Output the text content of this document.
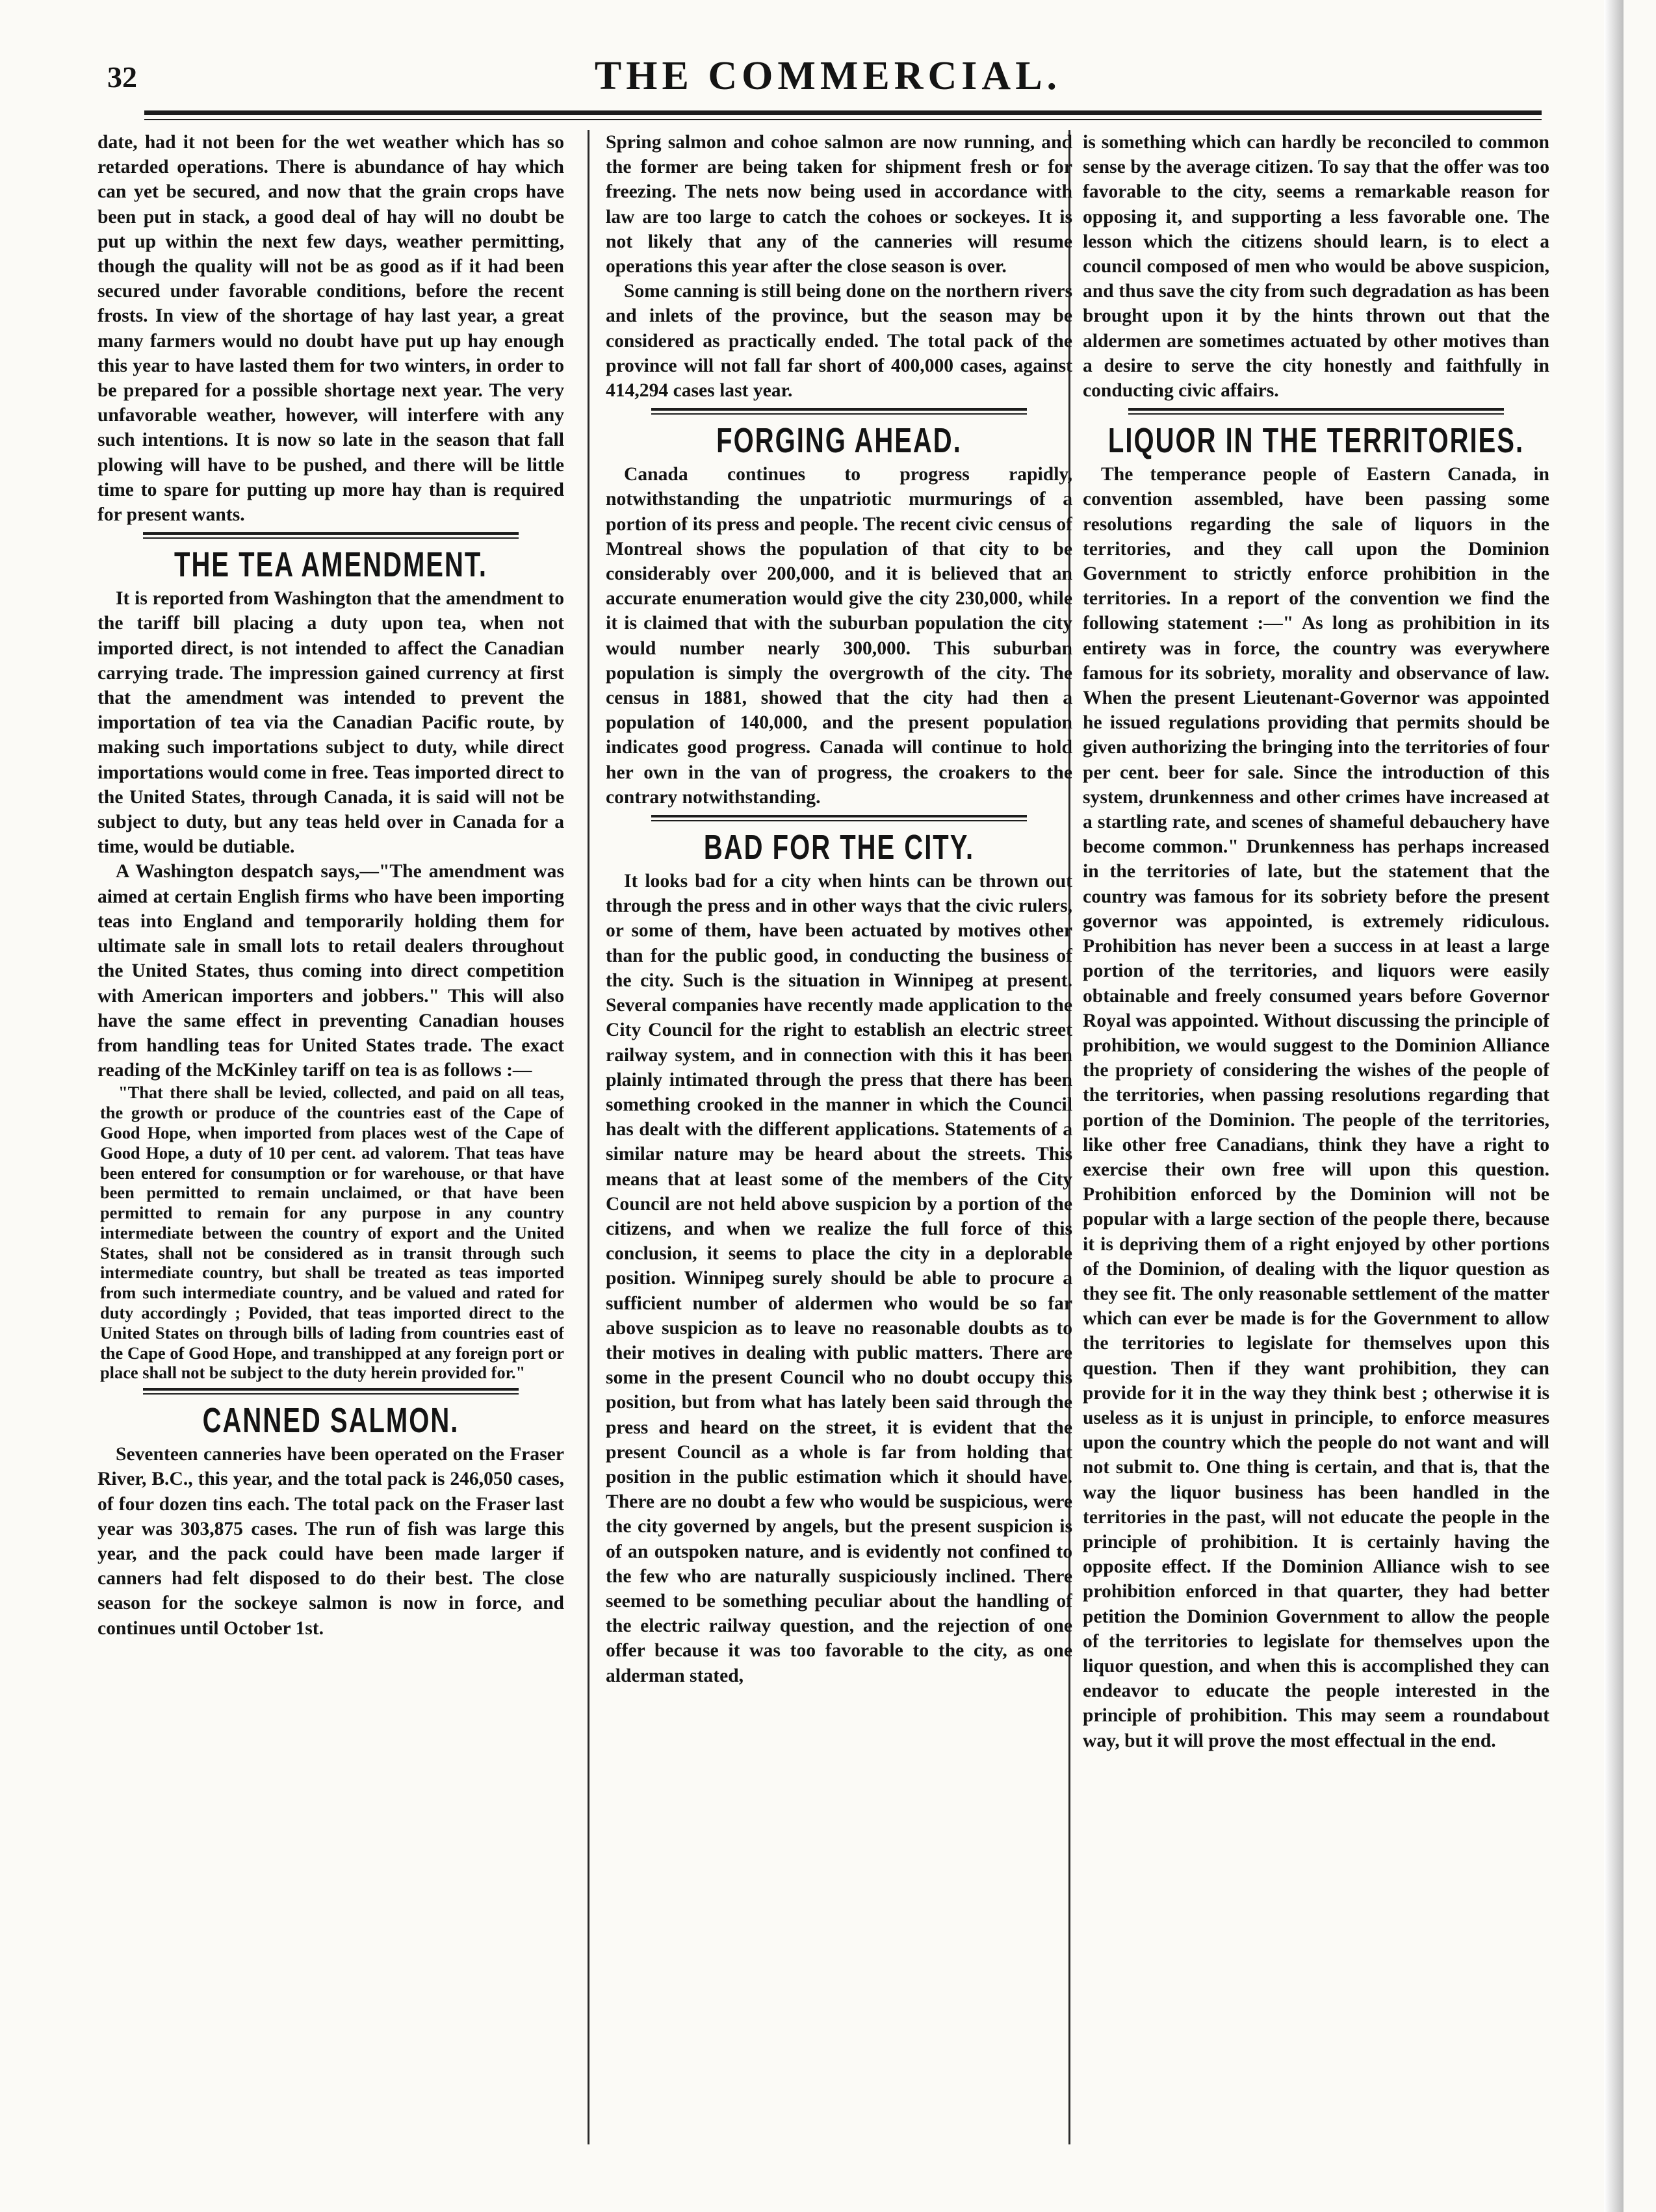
32	THE COMMERCIAL.

date, had it not been for the wet weather which has so retarded operations. There is abundance of hay which can yet be secured, and now that the grain crops have been put in stack, a good deal of hay will no doubt be put up within the next few days, weather permitting, though the quality will not be as good as if it had been secured under favorable conditions, before the recent frosts. In view of the shortage of hay last year, a great many farmers would no doubt have put up hay enough this year to have lasted them for two winters, in order to be prepared for a possible shortage next year. The very unfavorable weather, however, will interfere with any such intentions. It is now so late in the season that fall plowing will have to be pushed, and there will be little time to spare for putting up more hay than is required for present wants.

THE TEA AMENDMENT.

It is reported from Washington that the amendment to the tariff bill placing a duty upon tea, when not imported direct, is not intended to affect the Canadian carrying trade. The impression gained currency at first that the amendment was intended to prevent the importation of tea via the Canadian Pacific route, by making such importations subject to duty, while direct importations would come in free. Teas imported direct to the United States, through Canada, it is said will not be subject to duty, but any teas held over in Canada for a time, would be dutiable.

A Washington despatch says,—"The amendment was aimed at certain English firms who have been importing teas into England and temporarily holding them for ultimate sale in small lots to retail dealers throughout the United States, thus coming into direct competition with American importers and jobbers." This will also have the same effect in preventing Canadian houses from handling teas for United States trade. The exact reading of the McKinley tariff on tea is as follows :—

"That there shall be levied, collected, and paid on all teas, the growth or produce of the countries east of the Cape of Good Hope, when imported from places west of the Cape of Good Hope, a duty of 10 per cent. ad valorem. That teas have been entered for consumption or for warehouse, or that have been permitted to remain unclaimed, or that have been permitted to remain for any purpose in any country intermediate between the country of export and the United States, shall not be considered as in transit through such intermediate country, but shall be treated as teas imported from such intermediate country, and be valued and rated for duty accordingly ; Povided, that teas imported direct to the United States on through bills of lading from countries east of the Cape of Good Hope, and transhipped at any foreign port or place shall not be subject to the duty herein provided for."
CANNED SALMON.

Seventeen canneries have been operated on the Fraser River, B.C., this year, and the total pack is 246,050 cases, of four dozen tins each. The total pack on the Fraser last year was 303,875 cases. The run of fish was large this year, and the pack could have been made larger if canners had felt disposed to do their best. The close season for the sockeye salmon is now in force, and continues until October 1st.

Spring salmon and cohoe salmon are now running, and the former are being taken for shipment fresh or for freezing. The nets now being used in accordance with law are too large to catch the cohoes or sockeyes. It is not likely that any of the canneries will resume operations this year after the close season is over.

Some canning is still being done on the northern rivers and inlets of the province, but the season may be considered as practically ended. The total pack of the province will not fall far short of 400,000 cases, against 414,294 cases last year.

FORGING AHEAD.

Canada continues to progress rapidly, notwithstanding the unpatriotic murmurings of a portion of its press and people. The recent civic census of Montreal shows the population of that city to be considerably over 200,000, and it is believed that an accurate enumeration would give the city 230,000, while it is claimed that with the suburban population the city would number nearly 300,000. This suburban population is simply the overgrowth of the city. The census in 1881, showed that the city had then a population of 140,000, and the present population indicates good progress. Canada will continue to hold her own in the van of progress, the croakers to the contrary notwithstanding.

BAD FOR THE CITY.

It looks bad for a city when hints can be thrown out through the press and in other ways that the civic rulers, or some of them, have been actuated by motives other than for the public good, in conducting the business of the city. Such is the situation in Winnipeg at present. Several companies have recently made application to the City Council for the right to establish an electric street railway system, and in connection with this it has been plainly intimated through the press that there has been something crooked in the manner in which the Council has dealt with the different applications. Statements of a similar nature may be heard about the streets. This means that at least some of the members of the City Council are not held above suspicion by a portion of the citizens, and when we realize the full force of this conclusion, it seems to place the city in a deplorable position. Winnipeg surely should be able to procure a sufficient number of aldermen who would be so far above suspicion as to leave no reasonable doubts as to their motives in dealing with public matters. There are some in the present Council who no doubt occupy this position, but from what has lately been said through the press and heard on the street, it is evident that the present Council as a whole is far from holding that position in the public estimation which it should have. There are no doubt a few who would be suspicious, were the city governed by angels, but the present suspicion is of an outspoken nature, and is evidently not confined to the few who are naturally suspiciously inclined. There seemed to be something peculiar about the handling of the electric railway question, and the rejection of one offer because it was too favorable to the city, as one alderman stated,

is something which can hardly be reconciled to common sense by the average citizen. To say that the offer was too favorable to the city, seems a remarkable reason for opposing it, and supporting a less favorable one. The lesson which the citizens should learn, is to elect a council composed of men who would be above suspicion, and thus save the city from such degradation as has been brought upon it by the hints thrown out that the aldermen are sometimes actuated by other motives than a desire to serve the city honestly and faithfully in conducting civic affairs.

LIQUOR IN THE TERRITORIES.

The temperance people of Eastern Canada, in convention assembled, have been passing some resolutions regarding the sale of liquors in the territories, and they call upon the Dominion Government to strictly enforce prohibition in the territories. In a report of the convention we find the following statement :—" As long as prohibition in its entirety was in force, the country was everywhere famous for its sobriety, morality and observance of law. When the present Lieutenant-Governor was appointed he issued regulations providing that permits should be given authorizing the bringing into the territories of four per cent. beer for sale. Since the introduction of this system, drunkenness and other crimes have increased at a startling rate, and scenes of shameful debauchery have become common." Drunkenness has perhaps increased in the territories of late, but the statement that the country was famous for its sobriety before the present governor was appointed, is extremely ridiculous. Prohibition has never been a success in at least a large portion of the territories, and liquors were easily obtainable and freely consumed years before Governor Royal was appointed. Without discussing the principle of prohibition, we would suggest to the Dominion Alliance the propriety of considering the wishes of the people of the territories, when passing resolutions regarding that portion of the Dominion. The people of the territories, like other free Canadians, think they have a right to exercise their own free will upon this question. Prohibition enforced by the Dominion will not be popular with a large section of the people there, because it is depriving them of a right enjoyed by other portions of the Dominion, of dealing with the liquor question as they see fit. The only reasonable settlement of the matter which can ever be made is for the Government to allow the territories to legislate for themselves upon this question. Then if they want prohibition, they can provide for it in the way they think best ; otherwise it is useless as it is unjust in principle, to enforce measures upon the country which the people do not want and will not submit to. One thing is certain, and that is, that the way the liquor business has been handled in the territories in the past, will not educate the people in the principle of prohibition. It is certainly having the opposite effect. If the Dominion Alliance wish to see prohibition enforced in that quarter, they had better petition the Dominion Government to allow the people of the territories to legislate for themselves upon the liquor question, and when this is accomplished they can endeavor to educate the people interested in the principle of prohibition. This may seem a roundabout way, but it will prove the most effectual in the end.
